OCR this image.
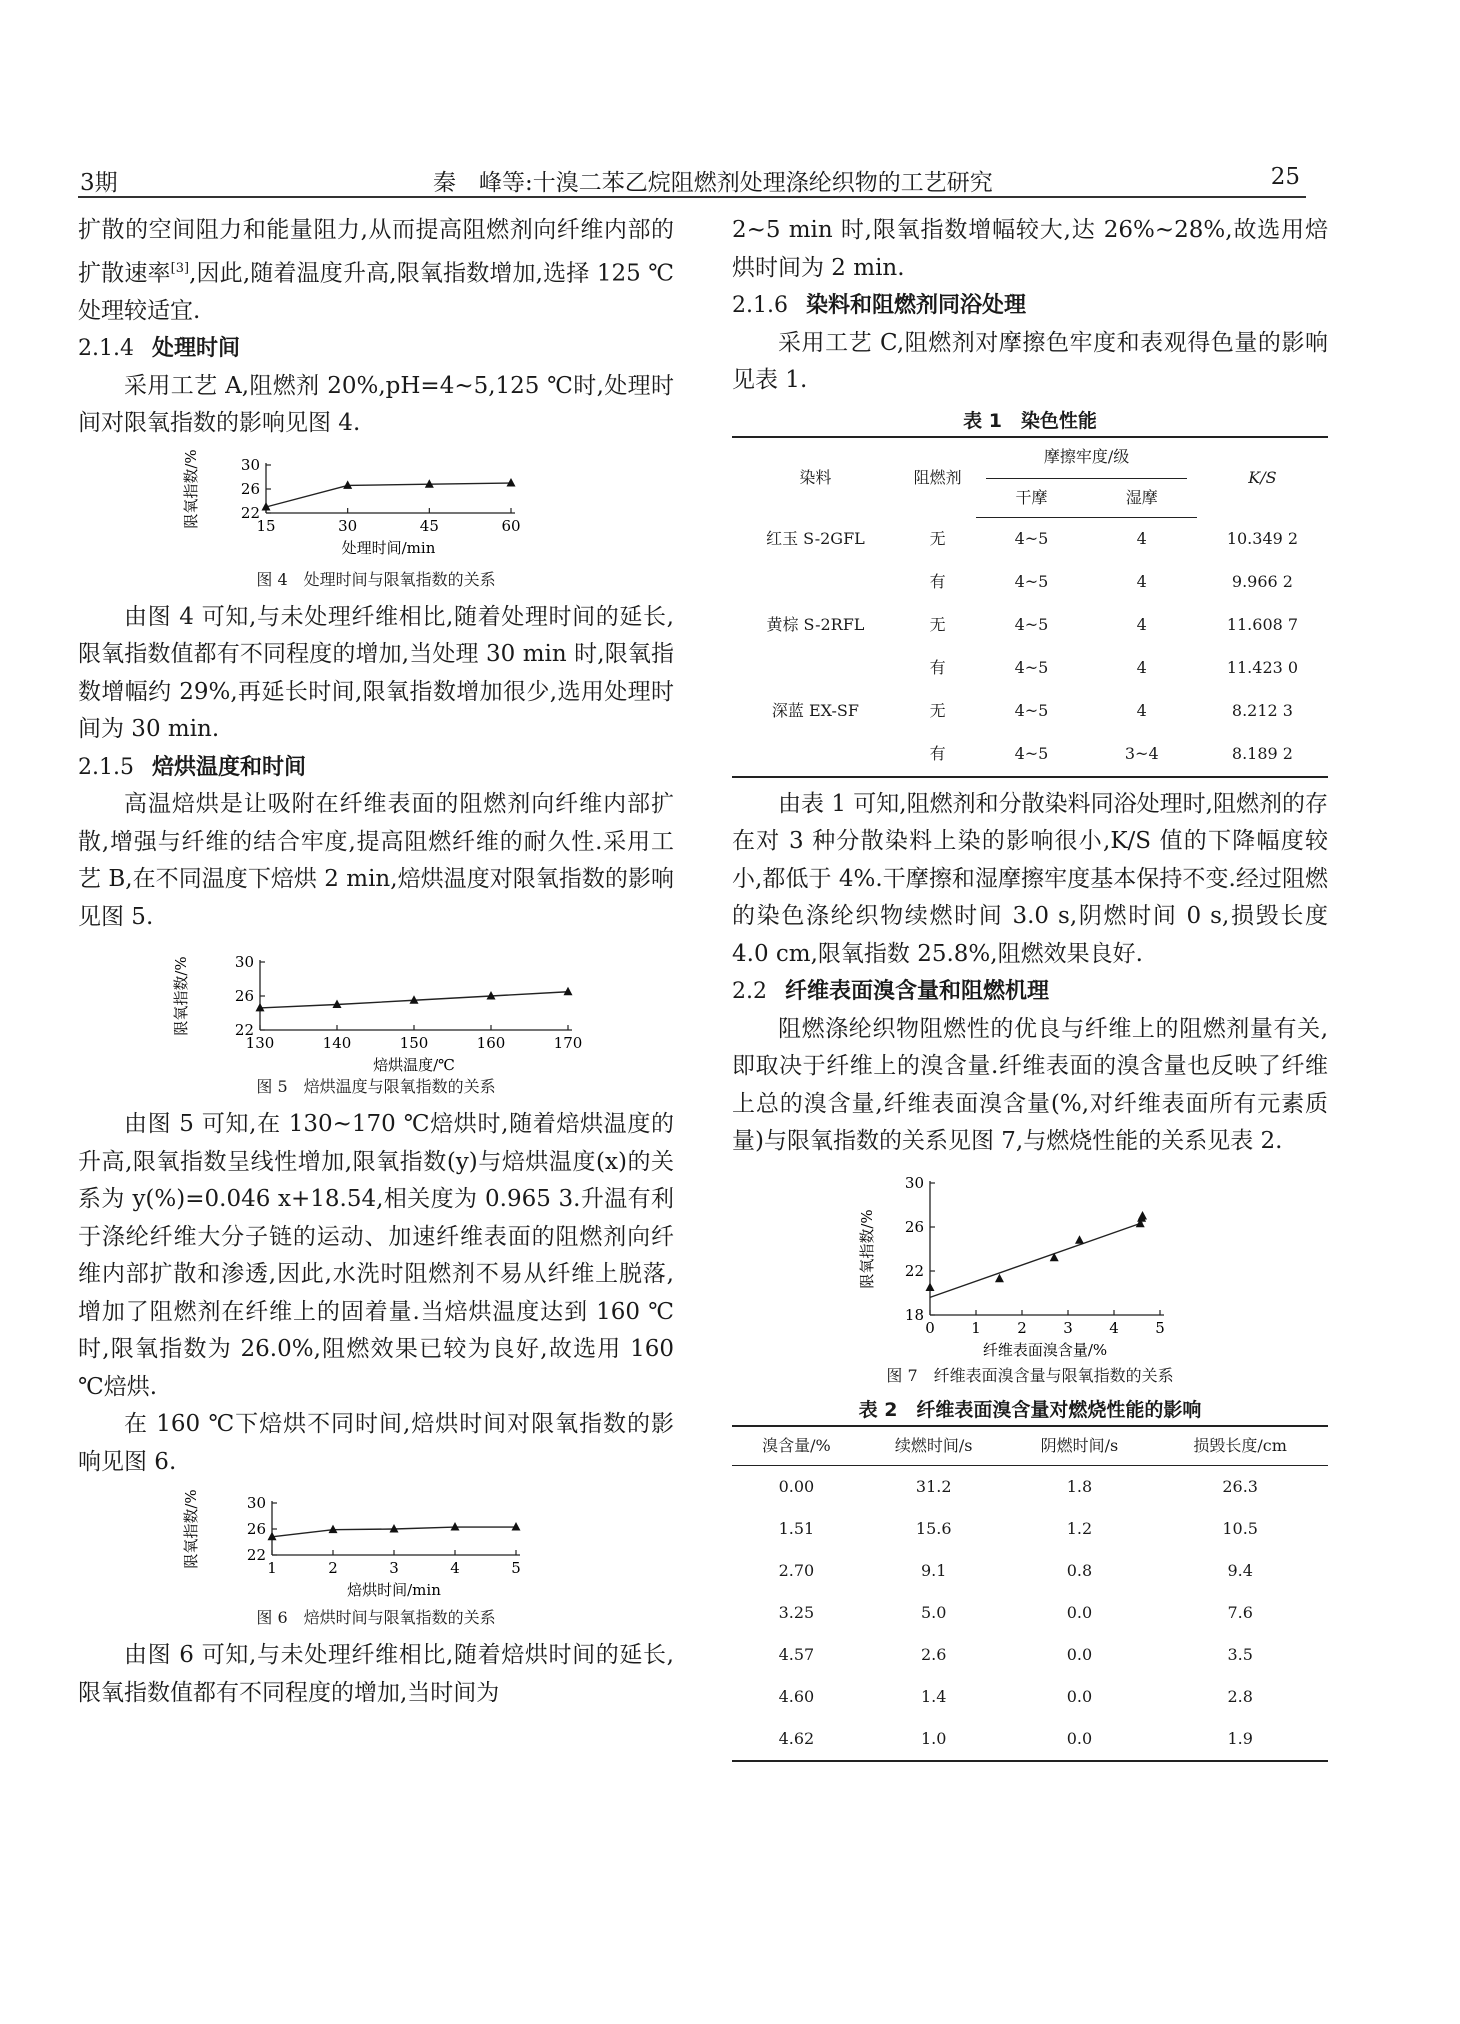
3期	秦　峰等:十溴二苯乙烷阻燃剂处理涤纶织物的工艺研究	25

扩散的空间阻力和能量阻力,从而提高阻燃剂向纤维内部的扩散速率[3],因此,随着温度升高,限氧指数增加,选择 125 ℃处理较适宜.

2.1.4 处理时间

采用工艺 A,阻燃剂 20%,pH=4~5,125 ℃时,处理时间对限氧指数的影响见图 4.

15	30	45	60
22
26
30
处理时间/min
限氧指数/%
图 4　处理时间与限氧指数的关系

由图 4 可知,与未处理纤维相比,随着处理时间的延长,限氧指数值都有不同程度的增加,当处理 30 min 时,限氧指数增幅约 29%,再延长时间,限氧指数增加很少,选用处理时间为 30 min.

2.1.5 焙烘温度和时间

高温焙烘是让吸附在纤维表面的阻燃剂向纤维内部扩散,增强与纤维的结合牢度,提高阻燃纤维的耐久性.采用工艺 B,在不同温度下焙烘 2 min,焙烘温度对限氧指数的影响见图 5.

130	140	150	160	170
22
26
30
焙烘温度/℃
限氧指数/%
图 5　焙烘温度与限氧指数的关系

由图 5 可知,在 130~170 ℃焙烘时,随着焙烘温度的升高,限氧指数呈线性增加,限氧指数(y)与焙烘温度(x)的关系为 y(%)=0.046 x+18.54,相关度为 0.965 3.升温有利于涤纶纤维大分子链的运动、加速纤维表面的阻燃剂向纤维内部扩散和渗透,因此,水洗时阻燃剂不易从纤维上脱落,增加了阻燃剂在纤维上的固着量.当焙烘温度达到 160 ℃时,限氧指数为 26.0%,阻燃效果已较为良好,故选用 160 ℃焙烘.

在 160 ℃下焙烘不同时间,焙烘时间对限氧指数的影响见图 6.

1	2	3	4	5
22
26
30
焙烘时间/min
限氧指数/%
图 6　焙烘时间与限氧指数的关系

由图 6 可知,与未处理纤维相比,随着焙烘时间的延长,限氧指数值都有不同程度的增加,当时间为

2~5 min 时,限氧指数增幅较大,达 26%~28%,故选用焙烘时间为 2 min.

2.1.6 染料和阻燃剂同浴处理

采用工艺 C,阻燃剂对摩擦色牢度和表观得色量的影响见表 1.

表 1　染色性能
染料	阻燃剂	摩擦牢度/级		K/S
		干摩	湿摩	
红玉 S-2GFL	无	4~5	4	10.349 2
	有	4~5	4	9.966 2
黄棕 S-2RFL	无	4~5	4	11.608 7
	有	4~5	4	11.423 0
深蓝 EX-SF	无	4~5	4	8.212 3
	有	4~5	3~4	8.189 2

由表 1 可知,阻燃剂和分散染料同浴处理时,阻燃剂的存在对 3 种分散染料上染的影响很小,K/S 值的下降幅度较小,都低于 4%.干摩擦和湿摩擦牢度基本保持不变.经过阻燃的染色涤纶织物续燃时间 3.0 s,阴燃时间 0 s,损毁长度 4.0 cm,限氧指数 25.8%,阻燃效果良好.

2.2 纤维表面溴含量和阻燃机理

阻燃涤纶织物阻燃性的优良与纤维上的阻燃剂量有关,即取决于纤维上的溴含量.纤维表面的溴含量也反映了纤维上总的溴含量,纤维表面溴含量(%,对纤维表面所有元素质量)与限氧指数的关系见图 7,与燃烧性能的关系见表 2.

0 1 2 3 4 5
18
22
26
30
纤维表面溴含量/%
限氧指数/%
图 7　纤维表面溴含量与限氧指数的关系
表 2　纤维表面溴含量对燃烧性能的影响
溴含量/%	续燃时间/s	阴燃时间/s	损毁长度/cm
0.00	31.2	1.8	26.3
1.51	15.6	1.2	10.5
2.70	9.1	0.8	9.4
3.25	5.0	0.0	7.6
4.57	2.6	0.0	3.5
4.60	1.4	0.0	2.8
4.62	1.0	0.0	1.9
